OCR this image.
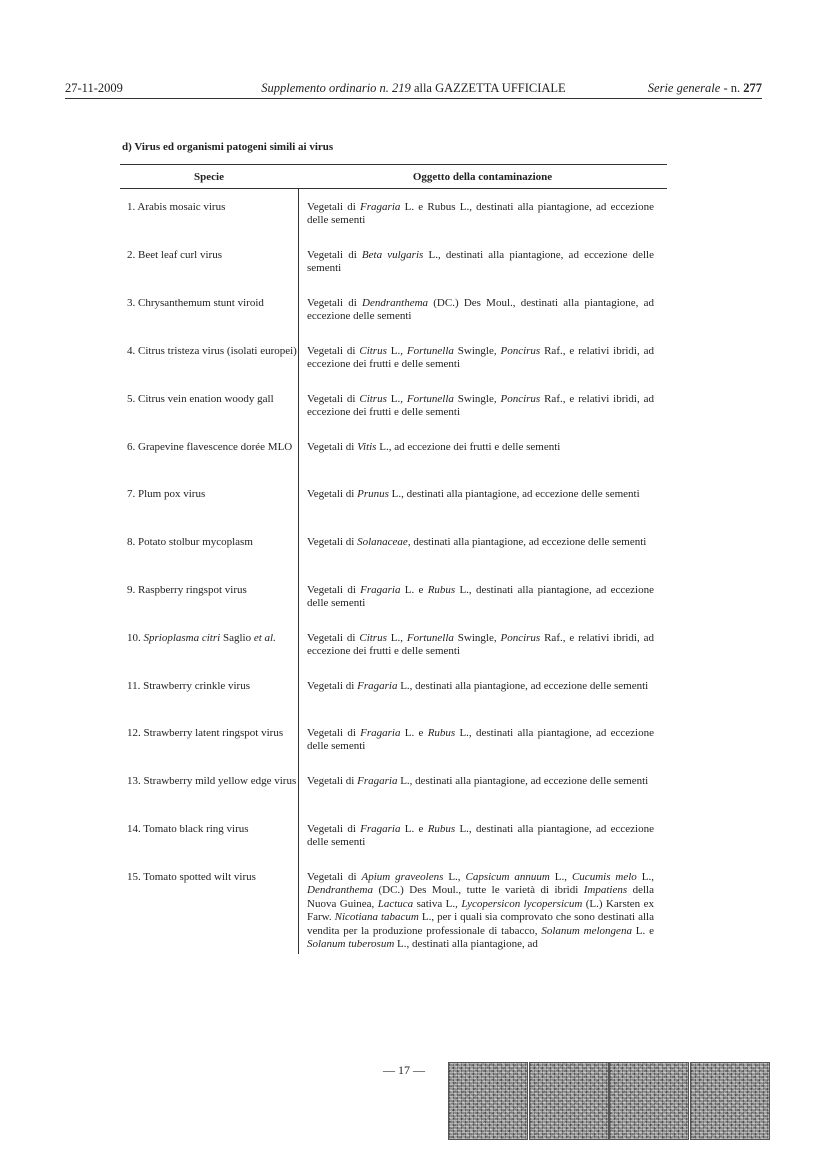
27-11-2009	Supplemento ordinario n. 219 alla GAZZETTA UFFICIALE	Serie generale - n. 277
d) Virus ed organismi patogeni simili ai virus
Specie	Oggetto della contaminazione
1. Arabis mosaic virus	Vegetali di Fragaria L. e Rubus L., destinati alla piantagione, ad eccezione delle sementi
2. Beet leaf curl virus	Vegetali di Beta vulgaris L., destinati alla piantagione, ad eccezione delle sementi
3. Chrysanthemum stunt viroid	Vegetali di Dendranthema (DC.) Des Moul., destinati alla piantagione, ad eccezione delle sementi
4. Citrus tristeza virus (isolati europei) Vegetali di Citrus L., Fortunella Swingle, Poncirus Raf., e relativi ibridi, ad eccezione dei frutti e delle sementi
5. Citrus vein enation woody gall	Vegetali di Citrus L., Fortunella Swingle, Poncirus Raf., e relativi ibridi, ad eccezione dei frutti e delle sementi
6. Grapevine flavescence dorée MLO	Vegetali di Vitis L., ad eccezione dei frutti e delle sementi
7. Plum pox virus	Vegetali di Prunus L., destinati alla piantagione, ad eccezione delle sementi
8. Potato stolbur mycoplasm	Vegetali di Solanaceae, destinati alla piantagione, ad eccezione delle sementi
9. Raspberry ringspot virus	Vegetali di Fragaria L. e Rubus L., destinati alla piantagione, ad eccezione delle sementi
10. Sprioplasma citri Saglio et al.	Vegetali di Citrus L., Fortunella Swingle, Poncirus Raf., e relativi ibridi, ad eccezione dei frutti e delle sementi
11. Strawberry crinkle virus	Vegetali di Fragaria L., destinati alla piantagione, ad eccezione delle sementi
12. Strawberry latent ringspot virus	Vegetali di Fragaria L. e Rubus L., destinati alla piantagione, ad eccezione delle sementi
13. Strawberry mild yellow edge virus Vegetali di Fragaria L., destinati alla piantagione, ad eccezione delle sementi
14. Tomato black ring virus	Vegetali di Fragaria L. e Rubus L., destinati alla piantagione, ad eccezione delle sementi
15. Tomato spotted wilt virus	Vegetali di Apium graveolens L., Capsicum annuum L., Cucumis melo L., Dendranthema (DC.) Des Moul., tutte le varietà di ibridi Impatiens della Nuova Guinea, Lactuca sativa L., Lycopersicon lycopersicum (L.) Karsten ex Farw. Nicotiana tabacum L., per i quali sia comprovato che sono destinati alla vendita per la produzione professionale di tabacco, Solanum melongena L. e Solanum tuberosum L., destinati alla piantagione, ad
— 17 —
